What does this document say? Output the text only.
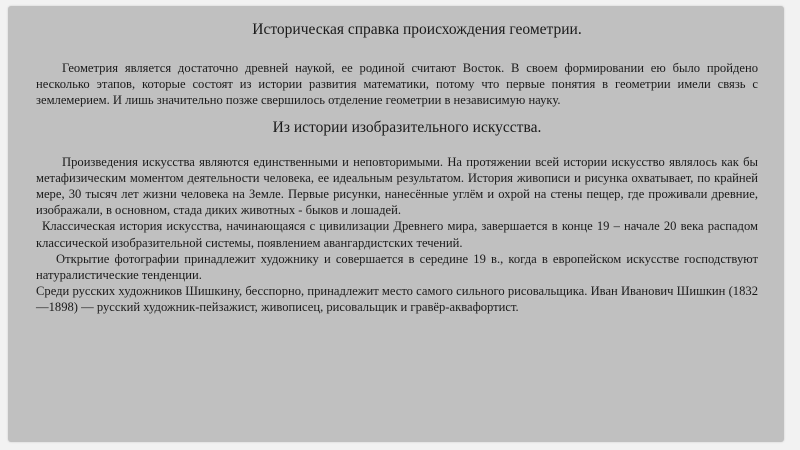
Историческая справка происхождения геометрии.

Геометрия является достаточно древней наукой, ее родиной считают Восток. В своем формировании ею было пройдено несколько этапов, которые состоят из истории развития математики, потому что первые понятия в геометрии имели связь с землемерием. И лишь значительно позже свершилось отделение геометрии в независимую науку.

Из истории изобразительного искусства.

Произведения искусства являются единственными и неповторимыми. На протяжении всей истории искусство являлось как бы метафизическим моментом деятельности человека, ее идеальным результатом. История живописи и рисунка охватывает, по крайней мере, 30 тысяч лет жизни человека на Земле. Первые рисунки, нанесённые углём и охрой на стены пещер, где проживали древние, изображали, в основном, стада диких животных - быков и лошадей.

Классическая история искусства, начинающаяся с цивилизации Древнего мира, завершается в конце 19 – начале 20 века распадом классической изобразительной системы, появлением авангардистских течений.

Открытие фотографии принадлежит художнику и совершается в середине 19 в., когда в европейском искусстве господствуют натуралистические тенденции.

Среди русских художников Шишкину, бесспорно, принадлежит место самого сильного рисовальщика. Иван Иванович Шишкин (1832—1898) — русский художник-пейзажист, живописец, рисовальщик и гравёр-аквафортист.
